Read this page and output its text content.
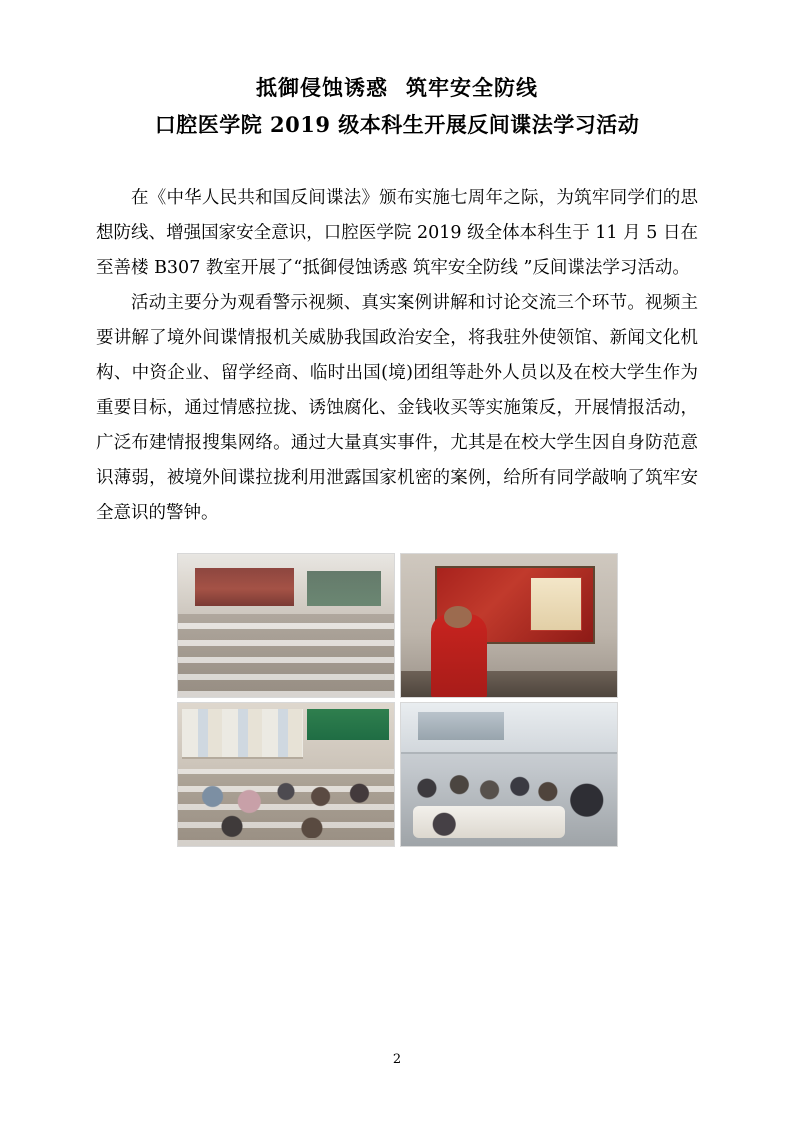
抵御侵蚀诱惑 筑牢安全防线
口腔医学院 2019 级本科生开展反间谍法学习活动

在《中华人民共和国反间谍法》颁布实施七周年之际，为筑牢同学们的思想防线、增强国家安全意识，口腔医学院 2019 级全体本科生于 11 月 5 日在至善楼 B307 教室开展了“抵御侵蚀诱惑 筑牢安全防线 ”反间谍法学习活动。

活动主要分为观看警示视频、真实案例讲解和讨论交流三个环节。视频主要讲解了境外间谍情报机关威胁我国政治安全，将我驻外使领馆、新闻文化机构、中资企业、留学经商、临时出国(境)团组等赴外人员以及在校大学生作为重要目标，通过情感拉拢、诱蚀腐化、金钱收买等实施策反，开展情报活动，广泛布建情报搜集网络。通过大量真实事件，尤其是在校大学生因自身防范意识薄弱，被境外间谍拉拢利用泄露国家机密的案例，给所有同学敲响了筑牢安全意识的警钟。

2
